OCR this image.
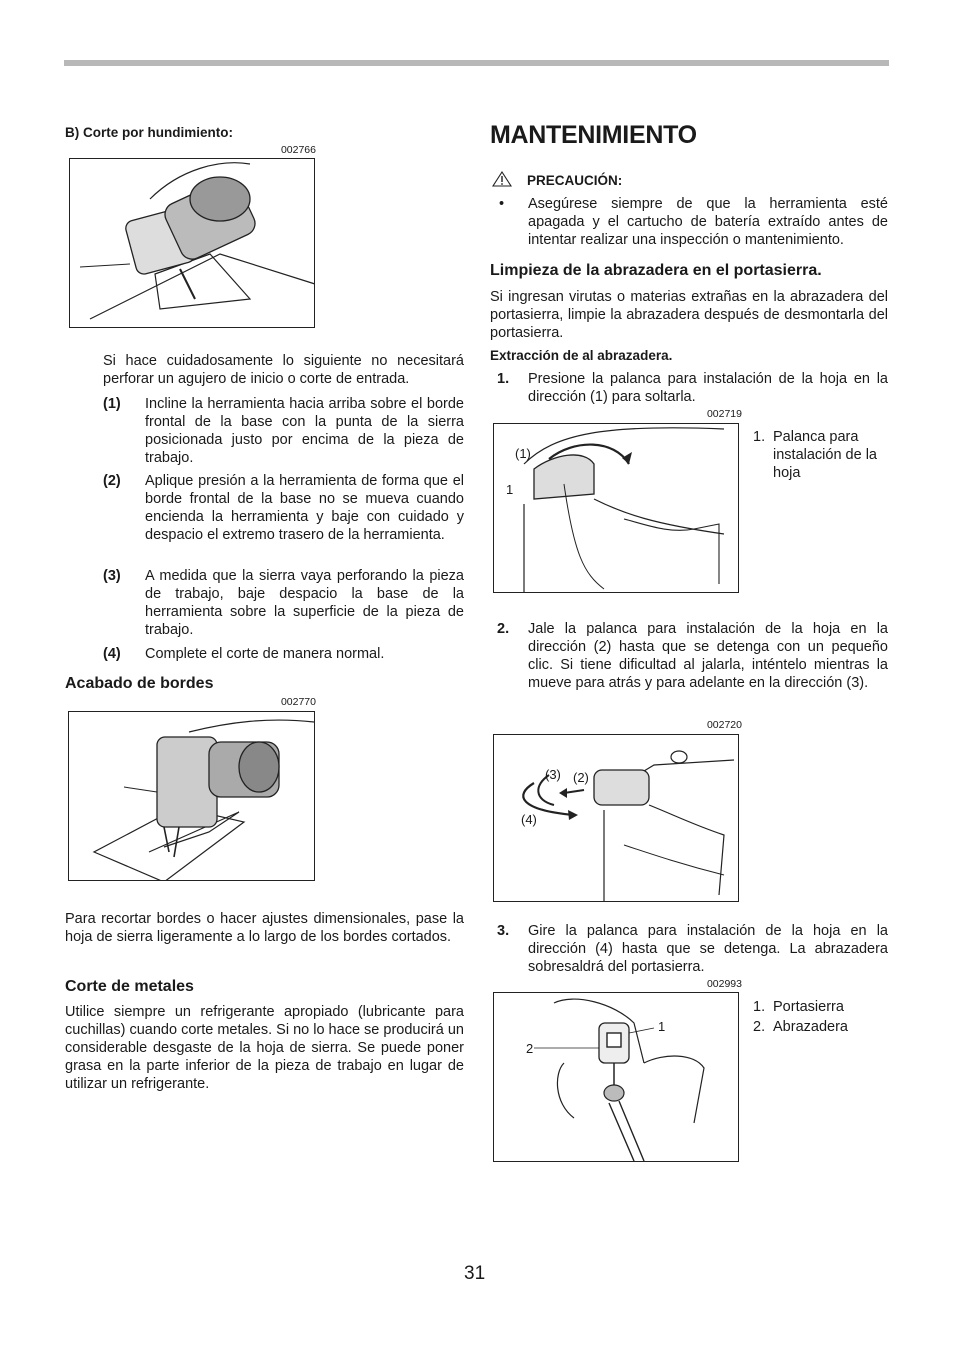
B) Corte por hundimiento:
002766
Si hace cuidadosamente lo siguiente no necesitará perforar un agujero de inicio o corte de entrada.
(1)	Incline la herramienta hacia arriba sobre el borde frontal de la base con la punta de la sierra posicionada justo por encima de la pieza de trabajo.
(2)	Aplique presión a la herramienta de forma que el borde frontal de la base no se mueva cuando encienda la herramienta y baje con cuidado y despacio el extremo trasero de la herramienta.
(3)	A medida que la sierra vaya perforando la pieza de trabajo, baje despacio la base de la herramienta sobre la superficie de la pieza de trabajo.
(4)	Complete el corte de manera normal.
Acabado de bordes
002770
Para recortar bordes o hacer ajustes dimensionales, pase la hoja de sierra ligeramente a lo largo de los bordes cortados.
Corte de metales
Utilice siempre un refrigerante apropiado (lubricante para cuchillas) cuando corte metales. Si no lo hace se producirá un considerable desgaste de la hoja de sierra. Se puede poner grasa en la parte inferior de la pieza de trabajo en lugar de utilizar un refrigerante.
MANTENIMIENTO
PRECAUCIÓN:
• Asegúrese siempre de que la herramienta esté apagada y el cartucho de batería extraído antes de intentar realizar una inspección o mantenimiento.
Limpieza de la abrazadera en el portasierra.
Si ingresan virutas o materias extrañas en la abrazadera del portasierra, limpie la abrazadera después de desmontarla del portasierra.
Extracción de al abrazadera.
1. Presione la palanca para instalación de la hoja en la dirección (1) para soltarla.
002719
(1)
1
1. Palanca para instalación de la hoja
2. Jale la palanca para instalación de la hoja en la dirección (2) hasta que se detenga con un pequeño clic. Si tiene dificultad al jalarla, inténtelo mientras la mueve para atrás y para adelante en la dirección (3).
002720
(3) (2)
(4)
3. Gire la palanca para instalación de la hoja en la dirección (4) hasta que se detenga. La abrazadera sobresaldrá del portasierra.
002993
1
2
1. Portasierra
2. Abrazadera
31
